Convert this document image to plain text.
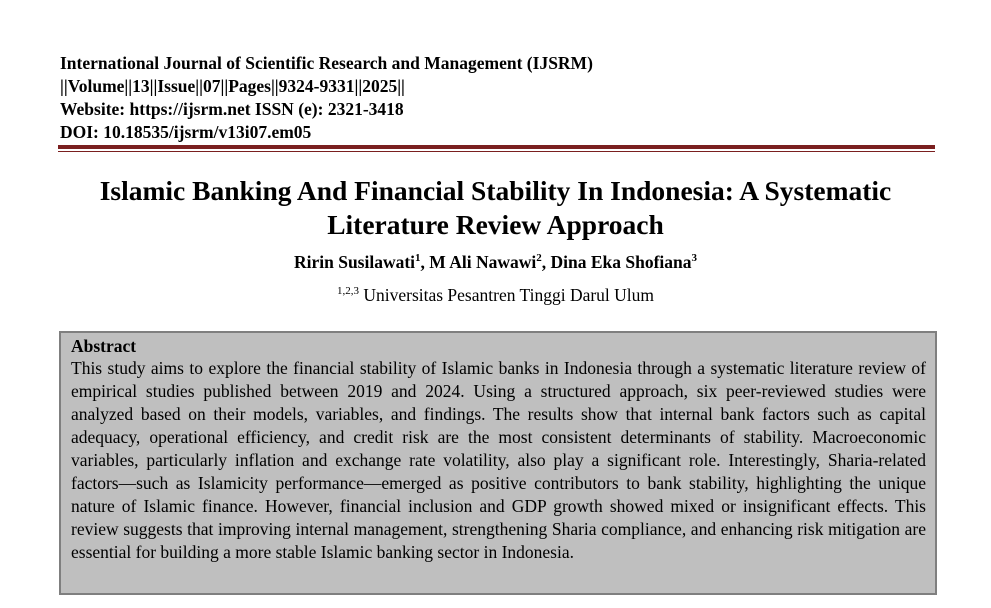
International Journal of Scientific Research and Management (IJSRM)
||Volume||13||Issue||07||Pages||9324-9331||2025||
Website: https://ijsrm.net ISSN (e): 2321-3418
DOI: 10.18535/ijsrm/v13i07.em05
Islamic Banking And Financial Stability In Indonesia: A Systematic Literature Review Approach
Ririn Susilawati$^1$, M Ali Nawawi$^2$, Dina Eka Shofiana$^3$
$^{1,2,3}$ Universitas Pesantren Tinggi Darul Ulum
Abstract
This study aims to explore the financial stability of Islamic banks in Indonesia through a systematic literature review of empirical studies published between 2019 and 2024. Using a structured approach, six peer-reviewed studies were analyzed based on their models, variables, and findings. The results show that internal bank factors such as capital adequacy, operational efficiency, and credit risk are the most consistent determinants of stability. Macroeconomic variables, particularly inflation and exchange rate volatility, also play a significant role. Interestingly, Sharia-related factors—such as Islamicity performance—emerged as positive contributors to bank stability, highlighting the unique nature of Islamic finance. However, financial inclusion and GDP growth showed mixed or insignificant effects. This review suggests that improving internal management, strengthening Sharia compliance, and enhancing risk mitigation are essential for building a more stable Islamic banking sector in Indonesia.
